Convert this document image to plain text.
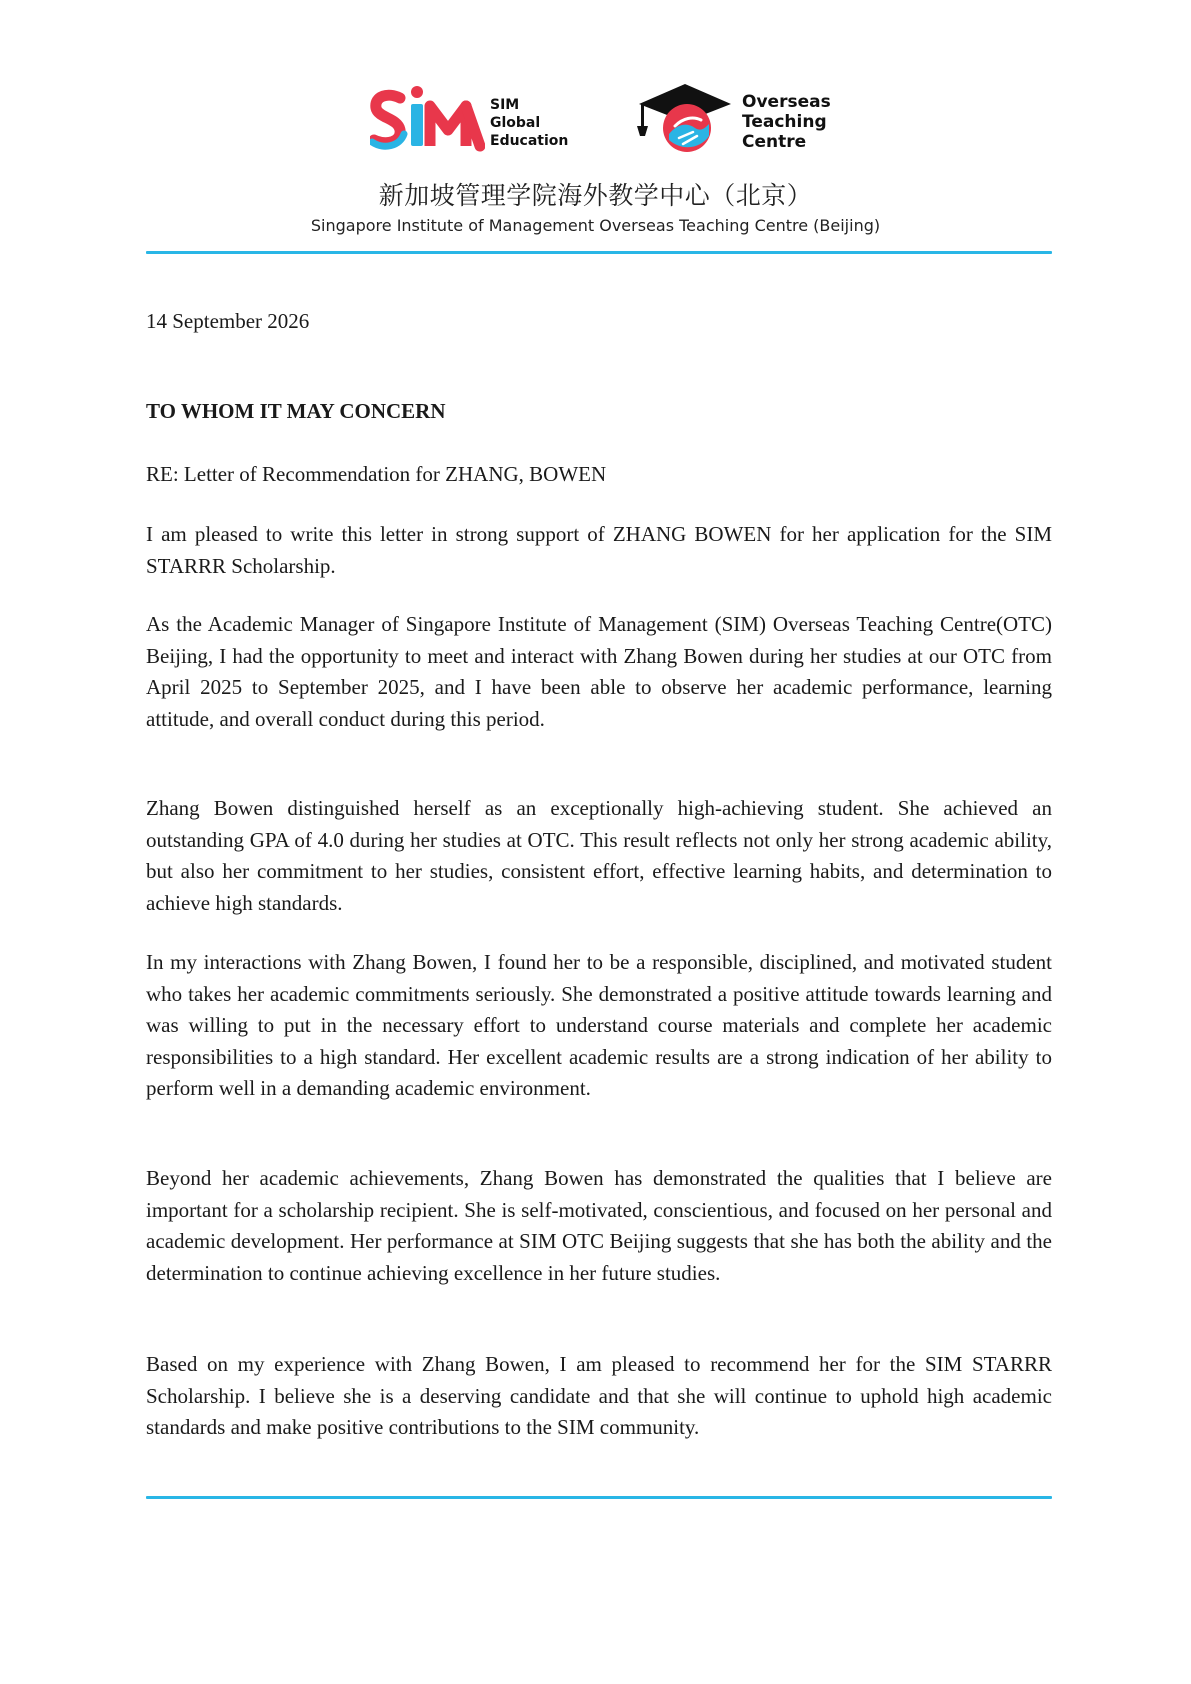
SIM
Global
Education
Overseas
Teaching
Centre
新加坡管理学院海外教学中心（北京）
Singapore Institute of Management Overseas Teaching Centre (Beijing)
14 September 2026
TO WHOM IT MAY CONCERN
RE: Letter of Recommendation for ZHANG, BOWEN

I am pleased to write this letter in strong support of ZHANG BOWEN for her application for the SIM STARRR Scholarship.

As the Academic Manager of Singapore Institute of Management (SIM) Overseas Teaching Centre(OTC) Beijing, I had the opportunity to meet and interact with Zhang Bowen during her studies at our OTC from April 2025 to September 2025, and I have been able to observe her academic performance, learning attitude, and overall conduct during this period.

Zhang Bowen distinguished herself as an exceptionally high-achieving student. She achieved an outstanding GPA of 4.0 during her studies at OTC. This result reflects not only her strong academic ability, but also her commitment to her studies, consistent effort, effective learning habits, and determination to achieve high standards.

In my interactions with Zhang Bowen, I found her to be a responsible, disciplined, and motivated student who takes her academic commitments seriously. She demonstrated a positive attitude towards learning and was willing to put in the necessary effort to understand course materials and complete her academic responsibilities to a high standard. Her excellent academic results are a strong indication of her ability to perform well in a demanding academic environment.

Beyond her academic achievements, Zhang Bowen has demonstrated the qualities that I believe are important for a scholarship recipient. She is self-motivated, conscientious, and focused on her personal and academic development. Her performance at SIM OTC Beijing suggests that she has both the ability and the determination to continue achieving excellence in her future studies.

Based on my experience with Zhang Bowen, I am pleased to recommend her for the SIM STARRR Scholarship. I believe she is a deserving candidate and that she will continue to uphold high academic standards and make positive contributions to the SIM community.
